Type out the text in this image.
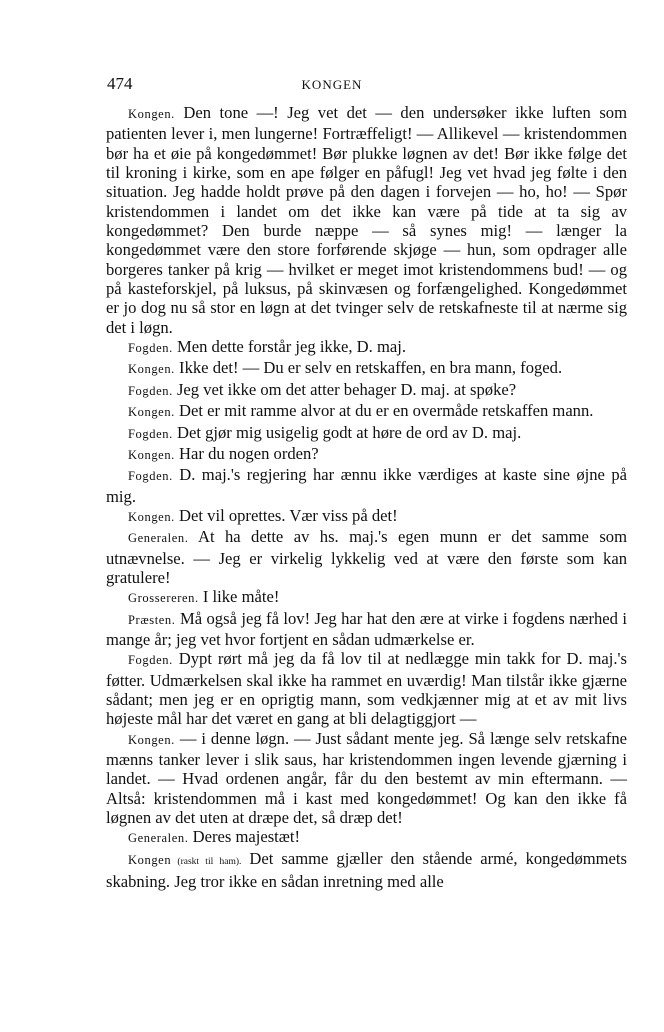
474	KONGEN

Kongen. Den tone —! Jeg vet det — den undersøker ikke luften som patienten lever i, men lungerne! Fortræffeligt! — Allikevel — kristendommen bør ha et øie på kongedømmet! Bør plukke løgnen av det! Bør ikke følge det til kroning i kirke, som en ape følger en påfugl! Jeg vet hvad jeg følte i den situation. Jeg hadde holdt prøve på den dagen i forvejen — ho, ho! — Spør kristendommen i landet om det ikke kan være på tide at ta sig av kongedømmet? Den burde næppe — så synes mig! — længer la kongedømmet være den store forførende skjøge — hun, som opdrager alle borgeres tanker på krig — hvilket er meget imot kristendommens bud! — og på kasteforskjel, på luksus, på skinvæsen og forfængelighed. Kongedømmet er jo dog nu så stor en løgn at det tvinger selv de retskafneste til at nærme sig det i løgn.

Fogden. Men dette forstår jeg ikke, D. maj.

Kongen. Ikke det! — Du er selv en retskaffen, en bra mann, foged.

Fogden. Jeg vet ikke om det atter behager D. maj. at spøke?

Kongen. Det er mit ramme alvor at du er en overmåde retskaffen mann.

Fogden. Det gjør mig usigelig godt at høre de ord av D. maj.

Kongen. Har du nogen orden?

Fogden. D. maj.'s regjering har ænnu ikke værdiges at kaste sine øjne på mig.

Kongen. Det vil oprettes. Vær viss på det!

Generalen. At ha dette av hs. maj.'s egen munn er det samme som utnævnelse. — Jeg er virkelig lykkelig ved at være den første som kan gratulere!

Grossereren. I like måte!

Præsten. Må også jeg få lov! Jeg har hat den ære at virke i fogdens nærhed i mange år; jeg vet hvor fortjent en sådan udmærkelse er.

Fogden. Dypt rørt må jeg da få lov til at nedlægge min takk for D. maj.'s føtter. Udmærkelsen skal ikke ha rammet en uværdig! Man tilstår ikke gjærne sådant; men jeg er en oprigtig mann, som vedkjænner mig at et av mit livs højeste mål har det været en gang at bli delagtiggjort —

Kongen. — i denne løgn. — Just sådant mente jeg. Så længe selv retskafne mænns tanker lever i slik saus, har kristendommen ingen levende gjærning i landet. — Hvad ordenen angår, får du den bestemt av min eftermann. — Altså: kristendommen må i kast med kongedømmet! Og kan den ikke få løgnen av det uten at dræpe det, så dræp det!

Generalen. Deres majestæt!

Kongen (raskt til ham). Det samme gjæller den stående armé, kongedømmets skabning. Jeg tror ikke en sådan inretning med alle
